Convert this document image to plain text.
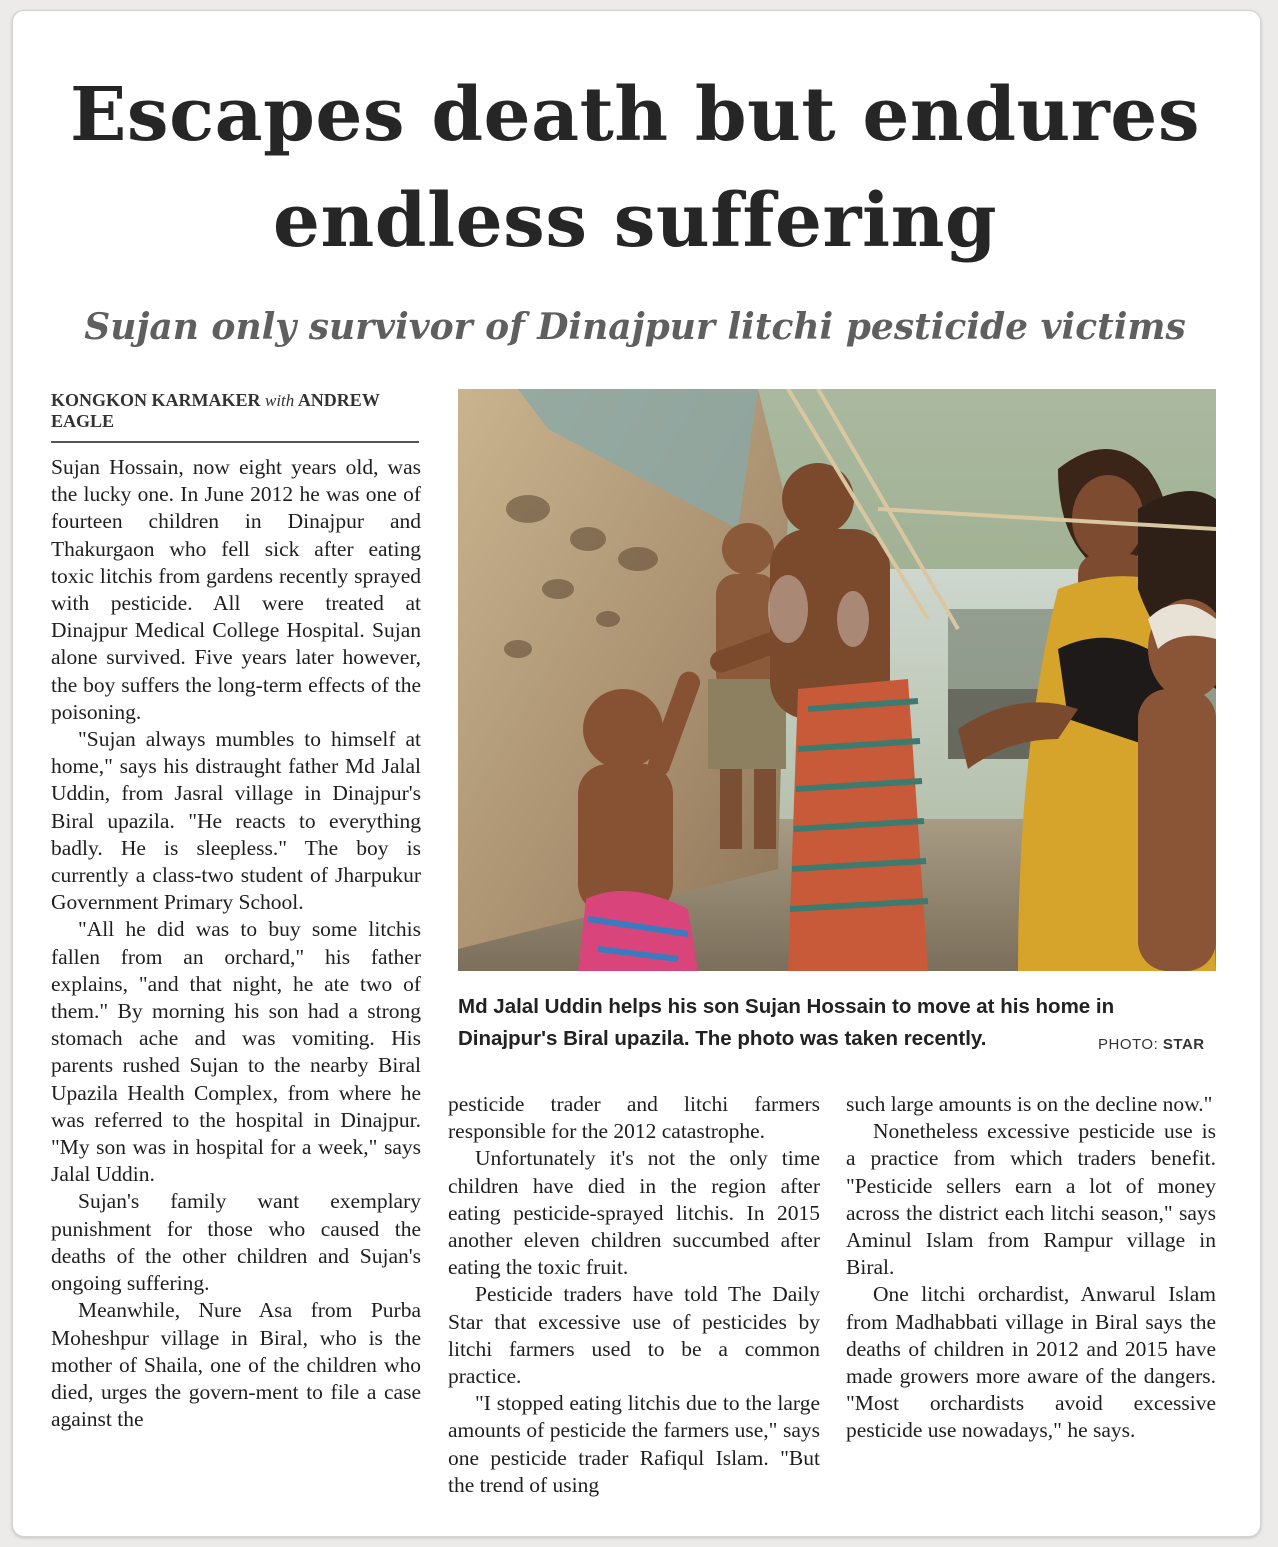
Escapes death but endures endless suffering
Sujan only survivor of Dinajpur litchi pesticide victims
KONGKON KARMAKER with ANDREW EAGLE

Sujan Hossain, now eight years old, was the lucky one. In June 2012 he was one of fourteen children in Dinajpur and Thakurgaon who fell sick after eating toxic litchis from gardens recently sprayed with pesticide. All were treated at Dinajpur Medical College Hospital. Sujan alone survived. Five years later however, the boy suffers the long-term effects of the poisoning.

"Sujan always mumbles to himself at home," says his distraught father Md Jalal Uddin, from Jasral village in Dinajpur's Biral upazila. "He reacts to everything badly. He is sleepless." The boy is currently a class-two student of Jharpukur Government Primary School.

"All he did was to buy some litchis fallen from an orchard," his father explains, "and that night, he ate two of them." By morning his son had a strong stomach ache and was vomiting. His parents rushed Sujan to the nearby Biral Upazila Health Complex, from where he was referred to the hospital in Dinajpur. "My son was in hospital for a week," says Jalal Uddin.

Sujan's family want exemplary punishment for those who caused the deaths of the other children and Sujan's ongoing suffering.

Meanwhile, Nure Asa from Purba Moheshpur village in Biral, who is the mother of Shaila, one of the children who died, urges the govern-ment to file a case against the

Md Jalal Uddin helps his son Sujan Hossain to move at his home in Dinajpur's Biral upazila. The photo was taken recently.	PHOTO: STAR

pesticide trader and litchi farmers responsible for the 2012 catastrophe.

Unfortunately it's not the only time children have died in the region after eating pesticide-sprayed litchis. In 2015 another eleven children succumbed after eating the toxic fruit.

Pesticide traders have told The Daily Star that excessive use of pesticides by litchi farmers used to be a common practice.

"I stopped eating litchis due to the large amounts of pesticide the farmers use," says one pesticide trader Rafiqul Islam. "But the trend of using

such large amounts is on the decline now."

Nonetheless excessive pesticide use is a practice from which traders benefit. "Pesticide sellers earn a lot of money across the district each litchi season," says Aminul Islam from Rampur village in Biral.

One litchi orchardist, Anwarul Islam from Madhabbati village in Biral says the deaths of children in 2012 and 2015 have made growers more aware of the dangers. "Most orchardists avoid excessive pesticide use nowadays," he says.
